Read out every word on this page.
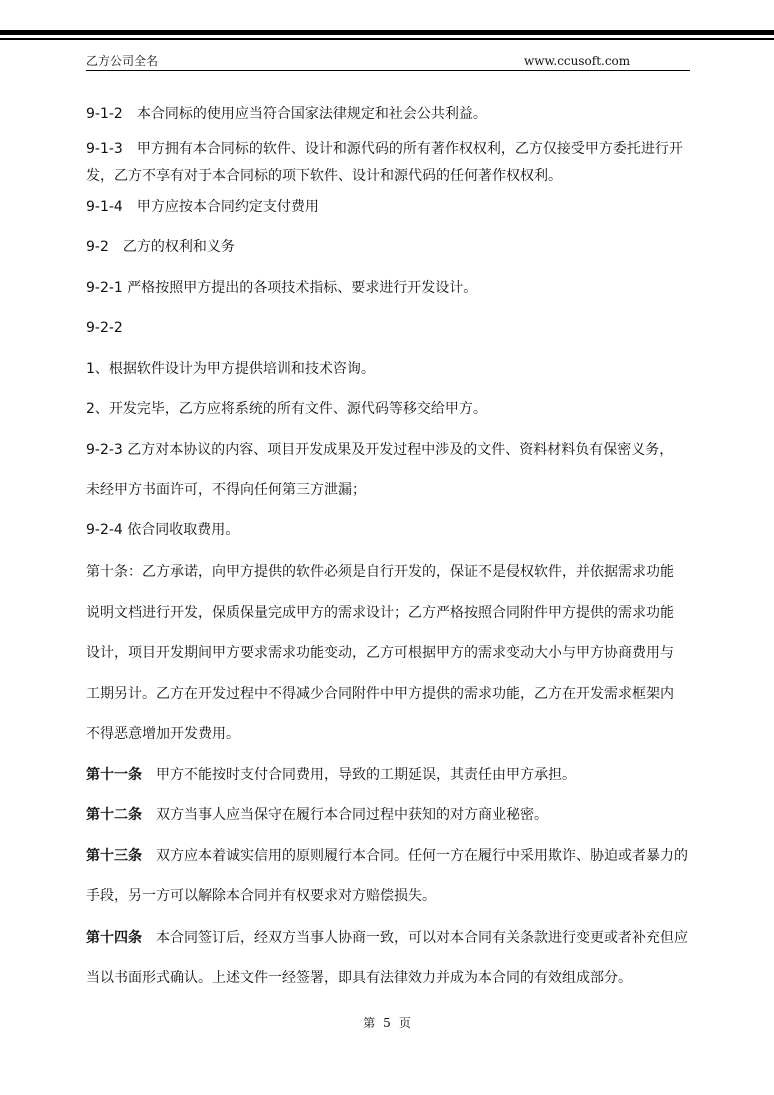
乙方公司全名	www.ccusoft.com
9-1-2　本合同标的使用应当符合国家法律规定和社会公共利益。
9-1-3　甲方拥有本合同标的软件、设计和源代码的所有著作权权利，乙方仅接受甲方委托进行开
发，乙方不享有对于本合同标的项下软件、设计和源代码的任何著作权权利。
9-1-4　甲方应按本合同约定支付费用
9-2　乙方的权利和义务
9-2-1 严格按照甲方提出的各项技术指标、要求进行开发设计。
9-2-2
1、根据软件设计为甲方提供培训和技术咨询。
2、开发完毕，乙方应将系统的所有文件、源代码等移交给甲方。
9-2-3 乙方对本协议的内容、项目开发成果及开发过程中涉及的文件、资料材料负有保密义务，
未经甲方书面许可，不得向任何第三方泄漏；
9-2-4 依合同收取费用。
第十条：乙方承诺，向甲方提供的软件必须是自行开发的，保证不是侵权软件，并依据需求功能
说明文档进行开发，保质保量完成甲方的需求设计；乙方严格按照合同附件甲方提供的需求功能
设计，项目开发期间甲方要求需求功能变动，乙方可根据甲方的需求变动大小与甲方协商费用与
工期另计。乙方在开发过程中不得减少合同附件中甲方提供的需求功能，乙方在开发需求框架内
不得恶意增加开发费用。
第十一条　甲方不能按时支付合同费用，导致的工期延误，其责任由甲方承担。
第十二条　双方当事人应当保守在履行本合同过程中获知的对方商业秘密。
第十三条　双方应本着诚实信用的原则履行本合同。任何一方在履行中采用欺诈、胁迫或者暴力的
手段，另一方可以解除本合同并有权要求对方赔偿损失。
第十四条　本合同签订后，经双方当事人协商一致，可以对本合同有关条款进行变更或者补充但应
当以书面形式确认。上述文件一经签署，即具有法律效力并成为本合同的有效组成部分。
第 5 页
